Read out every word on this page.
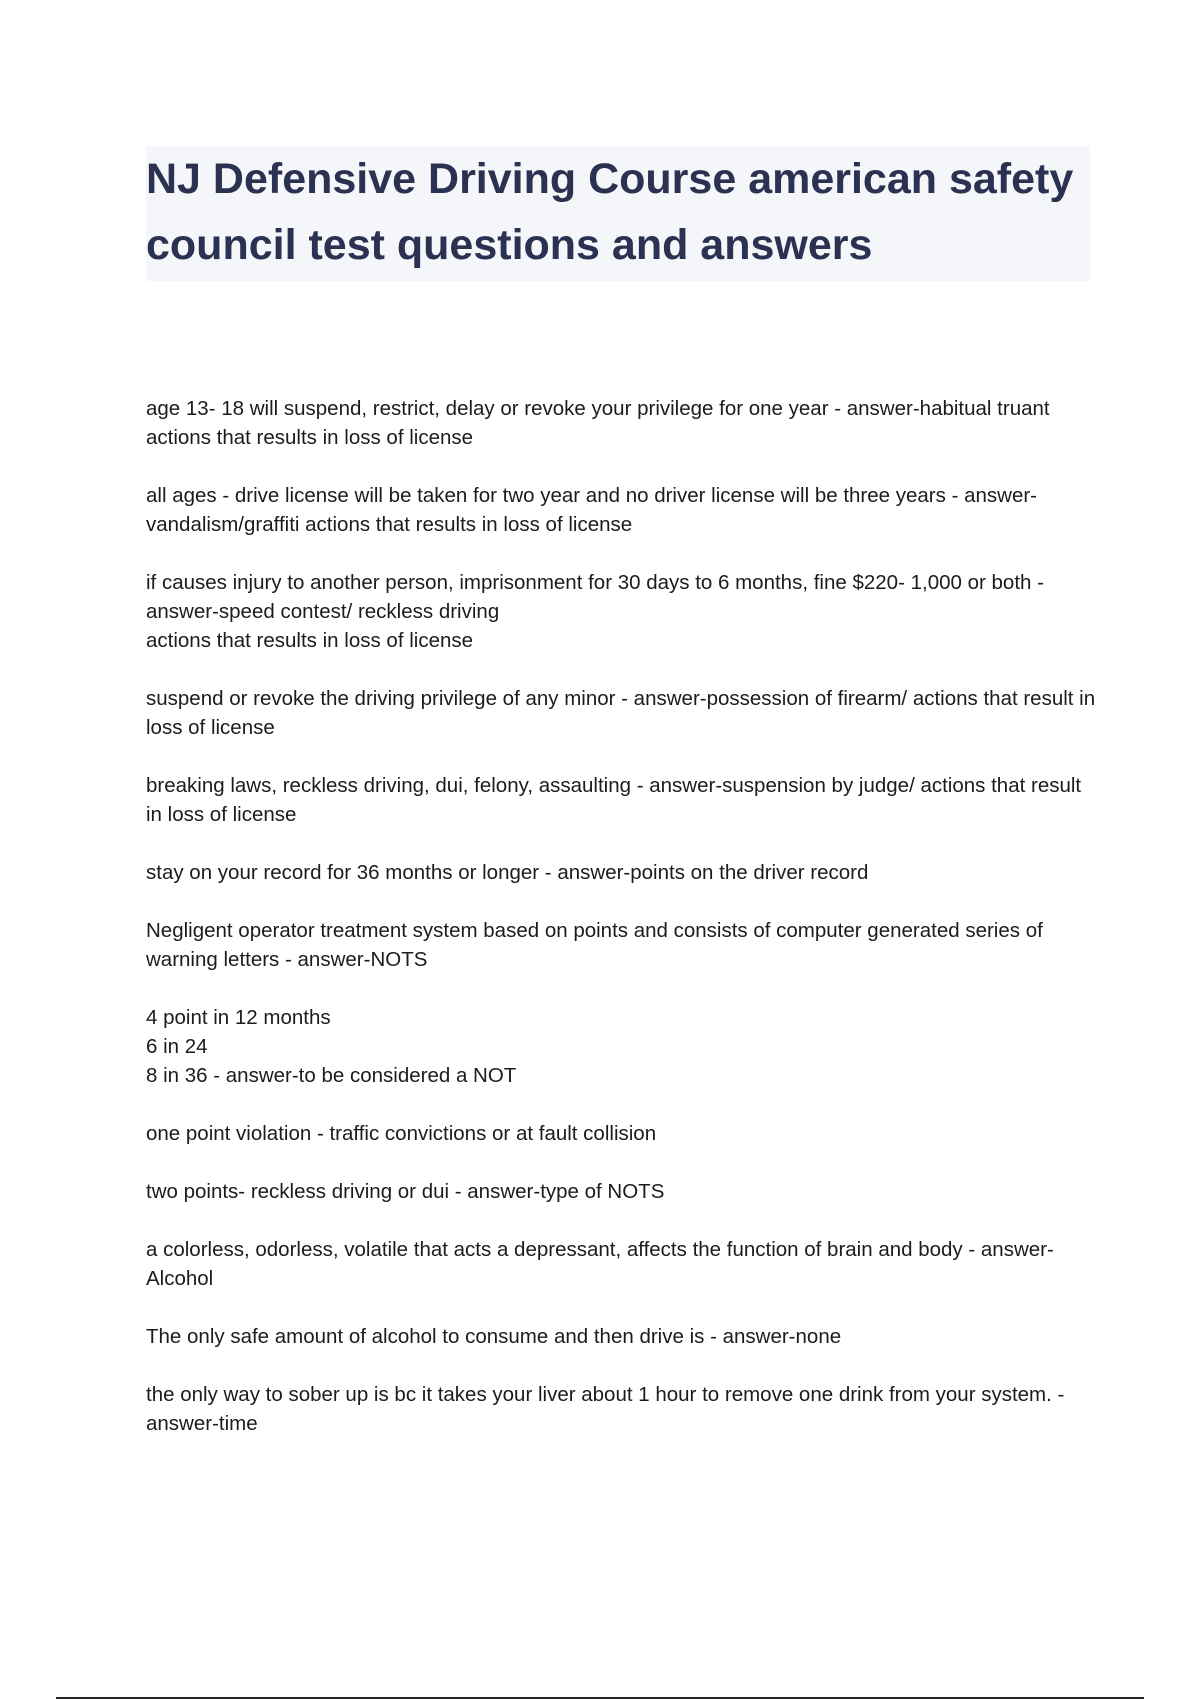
NJ Defensive Driving Course american safety council test questions and answers

age 13- 18 will suspend, restrict, delay or revoke your privilege for one year - answer-habitual truant actions that results in loss of license

all ages - drive license will be taken for two year and no driver license will be three years - answer-vandalism/graffiti actions that results in loss of license

if causes injury to another person, imprisonment for 30 days to 6 months, fine $220- 1,000 or both - answer-speed contest/ reckless driving
actions that results in loss of license

suspend or revoke the driving privilege of any minor - answer-possession of firearm/ actions that result in loss of license

breaking laws, reckless driving, dui, felony, assaulting - answer-suspension by judge/ actions that result in loss of license

stay on your record for 36 months or longer - answer-points on the driver record

Negligent operator treatment system based on points and consists of computer generated series of warning letters - answer-NOTS

4 point in 12 months
6 in 24
8 in 36 - answer-to be considered a NOT

one point violation - traffic convictions or at fault collision

two points- reckless driving or dui - answer-type of NOTS

a colorless, odorless, volatile that acts a depressant, affects the function of brain and body - answer-Alcohol

The only safe amount of alcohol to consume and then drive is - answer-none

the only way to sober up is bc it takes your liver about 1 hour to remove one drink from your system. - answer-time
